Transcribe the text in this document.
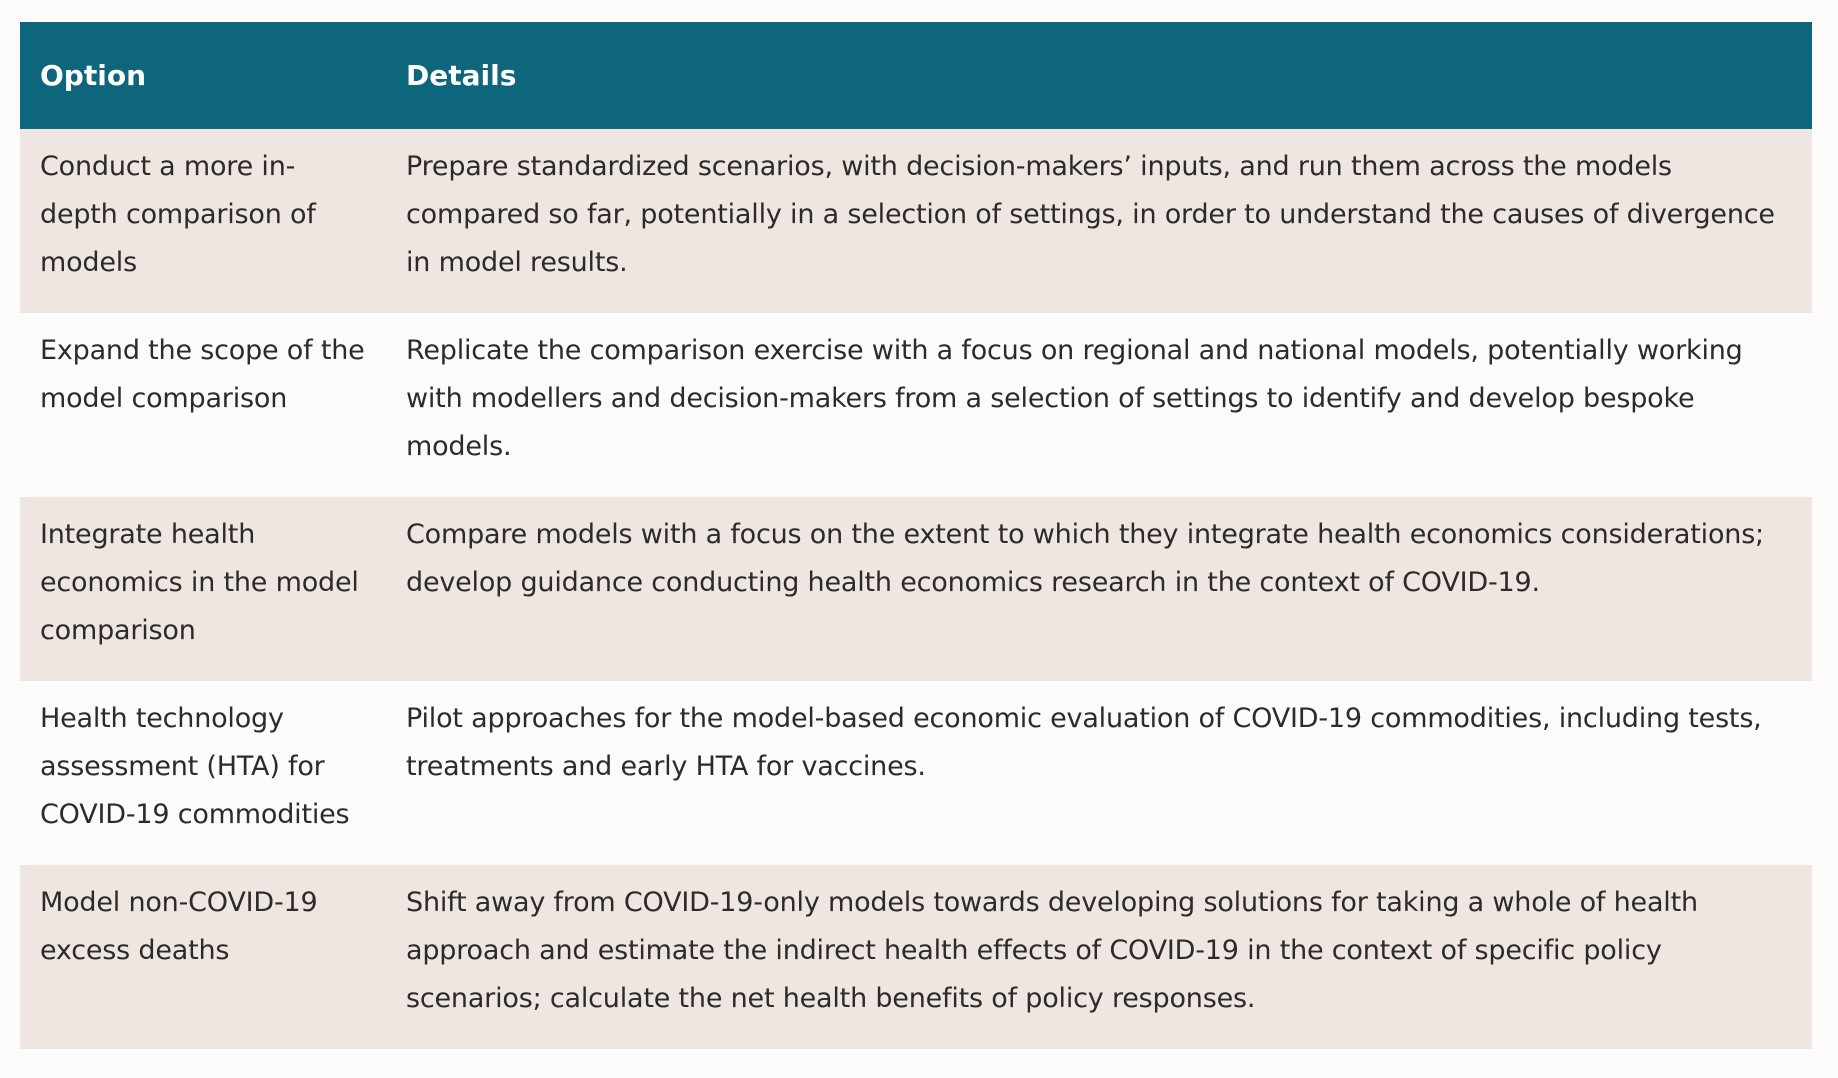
Option	Details
Conduct a more in-depth comparison of models	Prepare standardized scenarios, with decision-makers’ inputs, and run them across the models compared so far, potentially in a selection of settings, in order to understand the causes of divergence in model results.
Expand the scope of the model comparison	Replicate the comparison exercise with a focus on regional and national models, potentially working with modellers and decision-makers from a selection of settings to identify and develop bespoke models.
Integrate health economics in the model comparison	Compare models with a focus on the extent to which they integrate health economics considerations; develop guidance conducting health economics research in the context of COVID-19.
Health technology assessment (HTA) for COVID-19 commodities	Pilot approaches for the model-based economic evaluation of COVID-19 commodities, including tests, treatments and early HTA for vaccines.
Model non-COVID-19 excess deaths	Shift away from COVID-19-only models towards developing solutions for taking a whole of health approach and estimate the indirect health effects of COVID-19 in the context of specific policy scenarios; calculate the net health benefits of policy responses.
